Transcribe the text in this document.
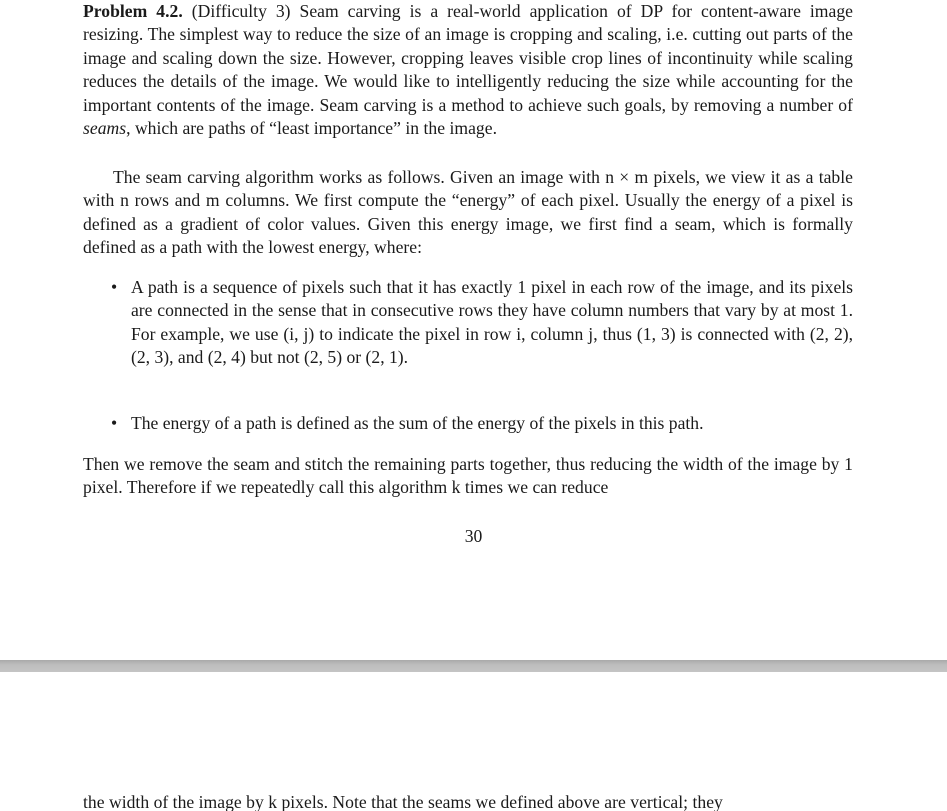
Problem 4.2. (Difficulty 3) Seam carving is a real-world application of DP for content-aware image resizing. The simplest way to reduce the size of an image is cropping and scaling, i.e. cutting out parts of the image and scaling down the size. However, cropping leaves visible crop lines of incontinuity while scaling reduces the details of the image. We would like to intelligently reducing the size while accounting for the important contents of the image. Seam carving is a method to achieve such goals, by removing a number of seams, which are paths of “least importance” in the image.
The seam carving algorithm works as follows. Given an image with n × m pixels, we view it as a table with n rows and m columns. We first compute the “energy” of each pixel. Usually the energy of a pixel is defined as a gradient of color values. Given this energy image, we first find a seam, which is formally defined as a path with the lowest energy, where:
• A path is a sequence of pixels such that it has exactly 1 pixel in each row of the image, and its pixels are connected in the sense that in consecutive rows they have column numbers that vary by at most 1. For example, we use (i, j) to indicate the pixel in row i, column j, thus (1, 3) is connected with (2, 2), (2, 3), and (2, 4) but not (2, 5) or (2, 1).
• The energy of a path is defined as the sum of the energy of the pixels in this path.
Then we remove the seam and stitch the remaining parts together, thus reducing the width of the image by 1 pixel. Therefore if we repeatedly call this algorithm k times we can reduce
30
the width of the image by k pixels. Note that the seams we defined above are vertical; they
